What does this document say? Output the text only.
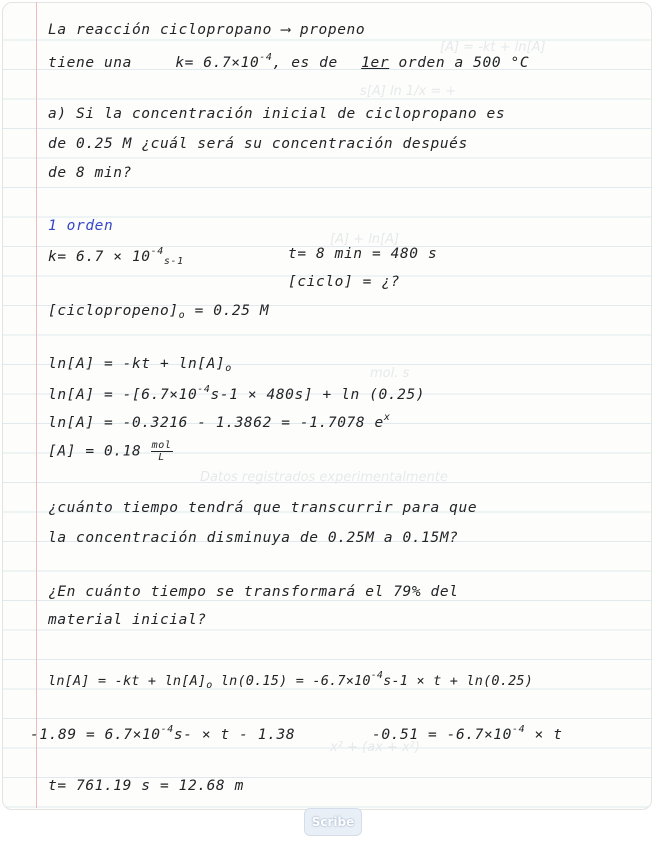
[A] = -kt + ln[A]
s[A] ln 1/x = +
[A] + ln[A]
mol. s
Datos registrados experimentalmente
x² + (ax + x²)
La reacción ciclopropano ⟶ propeno
tiene una	$k= 6.7\times 10^{-4}$, es de 1er orden a 500 °C
a) Si la concentración inicial de ciclopropano es
de 0.25 M ¿cuál será su concentración después
de 8 min?
1 orden
$k= 6.7 \times 10^{-4}_{s-1}$	t= 8 min = 480 s
[ciclo] = ¿?
$[ciclopropeno]_o = 0.25$ M
$\ln[A] = -kt + \ln[A]_o$
$\ln[A] = -[6.7\times 10^{-4}s-1 \times 480s] + \ln (0.25)$
ln[A] = -0.3216 - 1.3862 = -1.7078 $e^x$
$[A] = 0.18 \frac{\text{mol}}{L}$
¿cuánto tiempo tendrá que transcurrir para que
la concentración disminuya de 0.25M a 0.15M?
¿En cuánto tiempo se transformará el 79% del
material inicial?
$\ln[A] = -kt + \ln[A]_o$ $\ln(0.15) = -6.7\times 10^{-4}s-1 \times t + \ln(0.25)$
$-1.89 = 6.7\times 10^{-4}s- \times t - 1.38$	$-0.51 = -6.7\times 10^{-4} \times t$
t= 761.19 s = 12.68 m
Scribe
